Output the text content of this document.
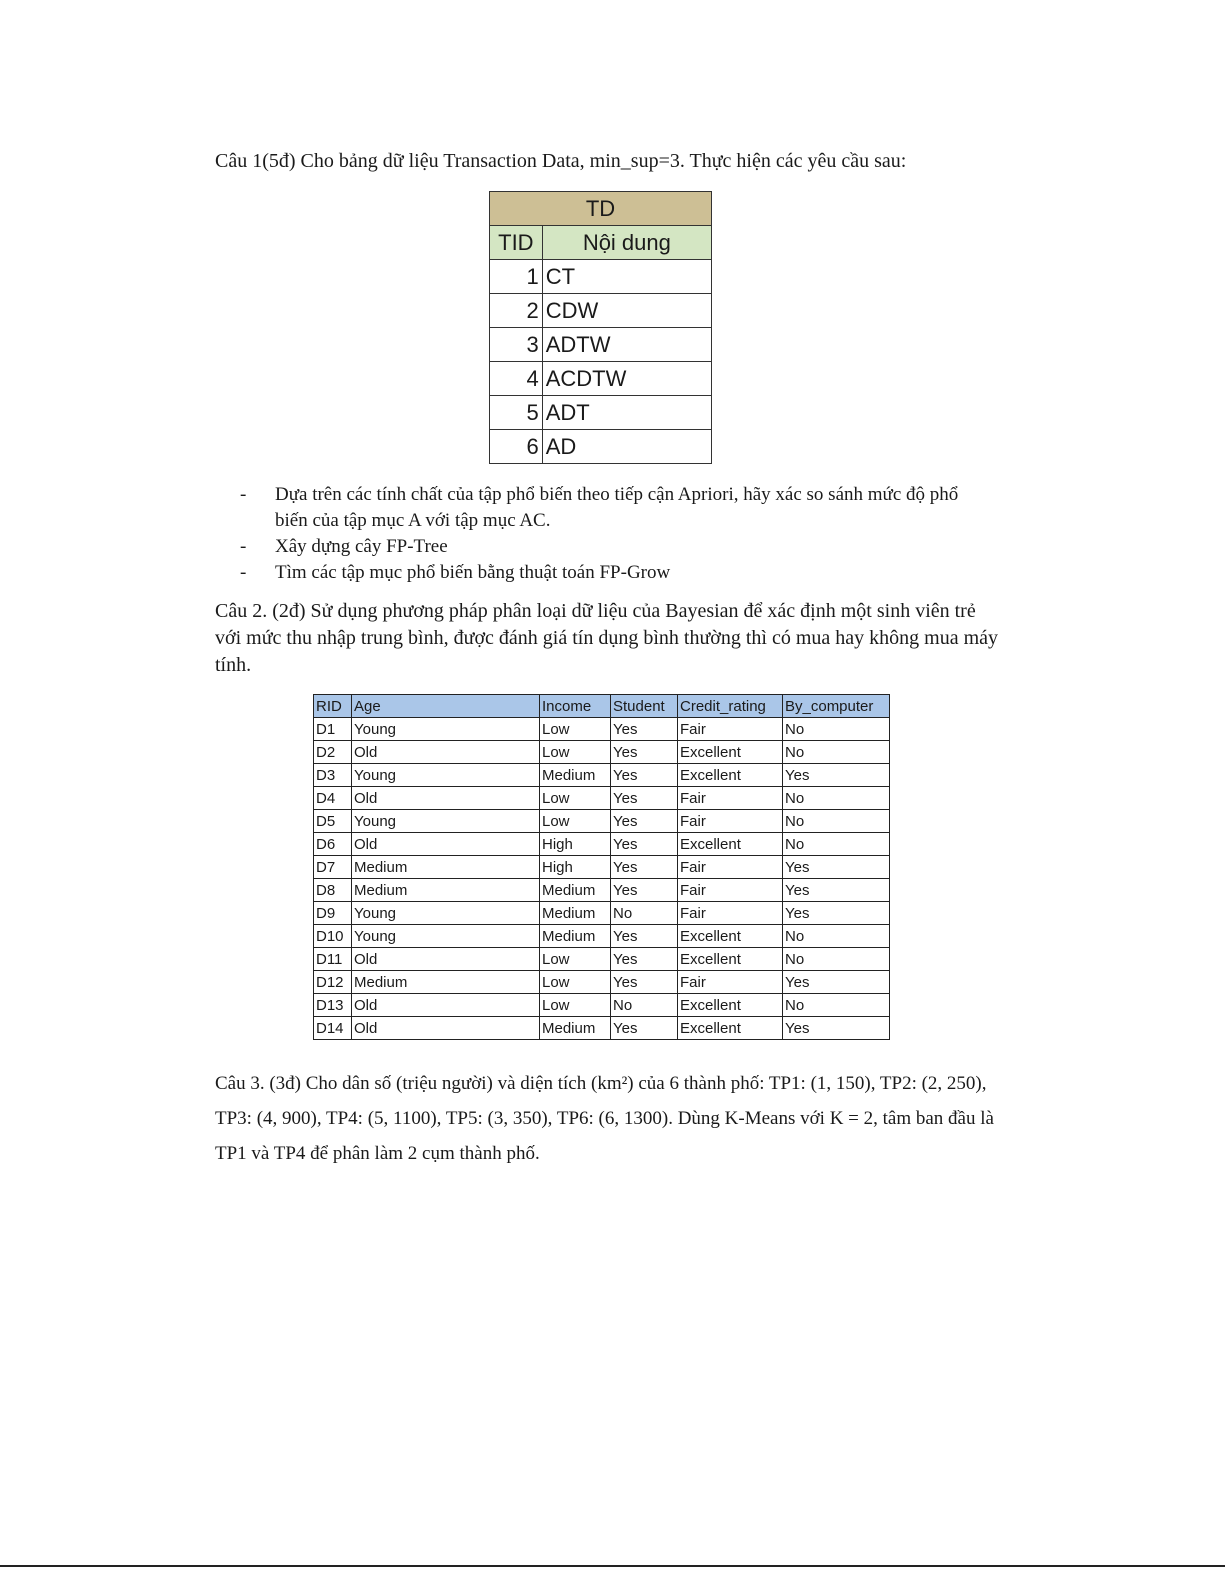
Câu 1(5đ) Cho bảng dữ liệu Transaction Data, min_sup=3. Thực hiện các yêu cầu sau:
TD	
TID	Nội dung
1	CT
2	CDW
3	ADTW
4	ACDTW
5	ADT
6	AD
- Dựa trên các tính chất của tập phổ biến theo tiếp cận Apriori, hãy xác so sánh mức độ phổ biến của tập mục A với tập mục AC.
- Xây dựng cây FP-Tree
- Tìm các tập mục phổ biến bằng thuật toán FP-Grow
Câu 2. (2đ) Sử dụng phương pháp phân loại dữ liệu của Bayesian để xác định một sinh viên trẻ với mức thu nhập trung bình, được đánh giá tín dụng bình thường thì có mua hay không mua máy tính.
RID	Age	Income	Student	Credit_rating	By_computer
D1	Young	Low	Yes	Fair	No
D2	Old	Low	Yes	Excellent	No
D3	Young	Medium	Yes	Excellent	Yes
D4	Old	Low	Yes	Fair	No
D5	Young	Low	Yes	Fair	No
D6	Old	High	Yes	Excellent	No
D7	Medium	High	Yes	Fair	Yes
D8	Medium	Medium	Yes	Fair	Yes
D9	Young	Medium	No	Fair	Yes
D10	Young	Medium	Yes	Excellent	No
D11	Old	Low	Yes	Excellent	No
D12	Medium	Low	Yes	Fair	Yes
D13	Old	Low	No	Excellent	No
D14	Old	Medium	Yes	Excellent	Yes
Câu 3. (3đ) Cho dân số (triệu người) và diện tích (km²) của 6 thành phố: TP1: (1, 150), TP2: (2, 250), TP3: (4, 900), TP4: (5, 1100), TP5: (3, 350), TP6: (6, 1300). Dùng K-Means với K = 2, tâm ban đầu là TP1 và TP4 để phân làm 2 cụm thành phố.
